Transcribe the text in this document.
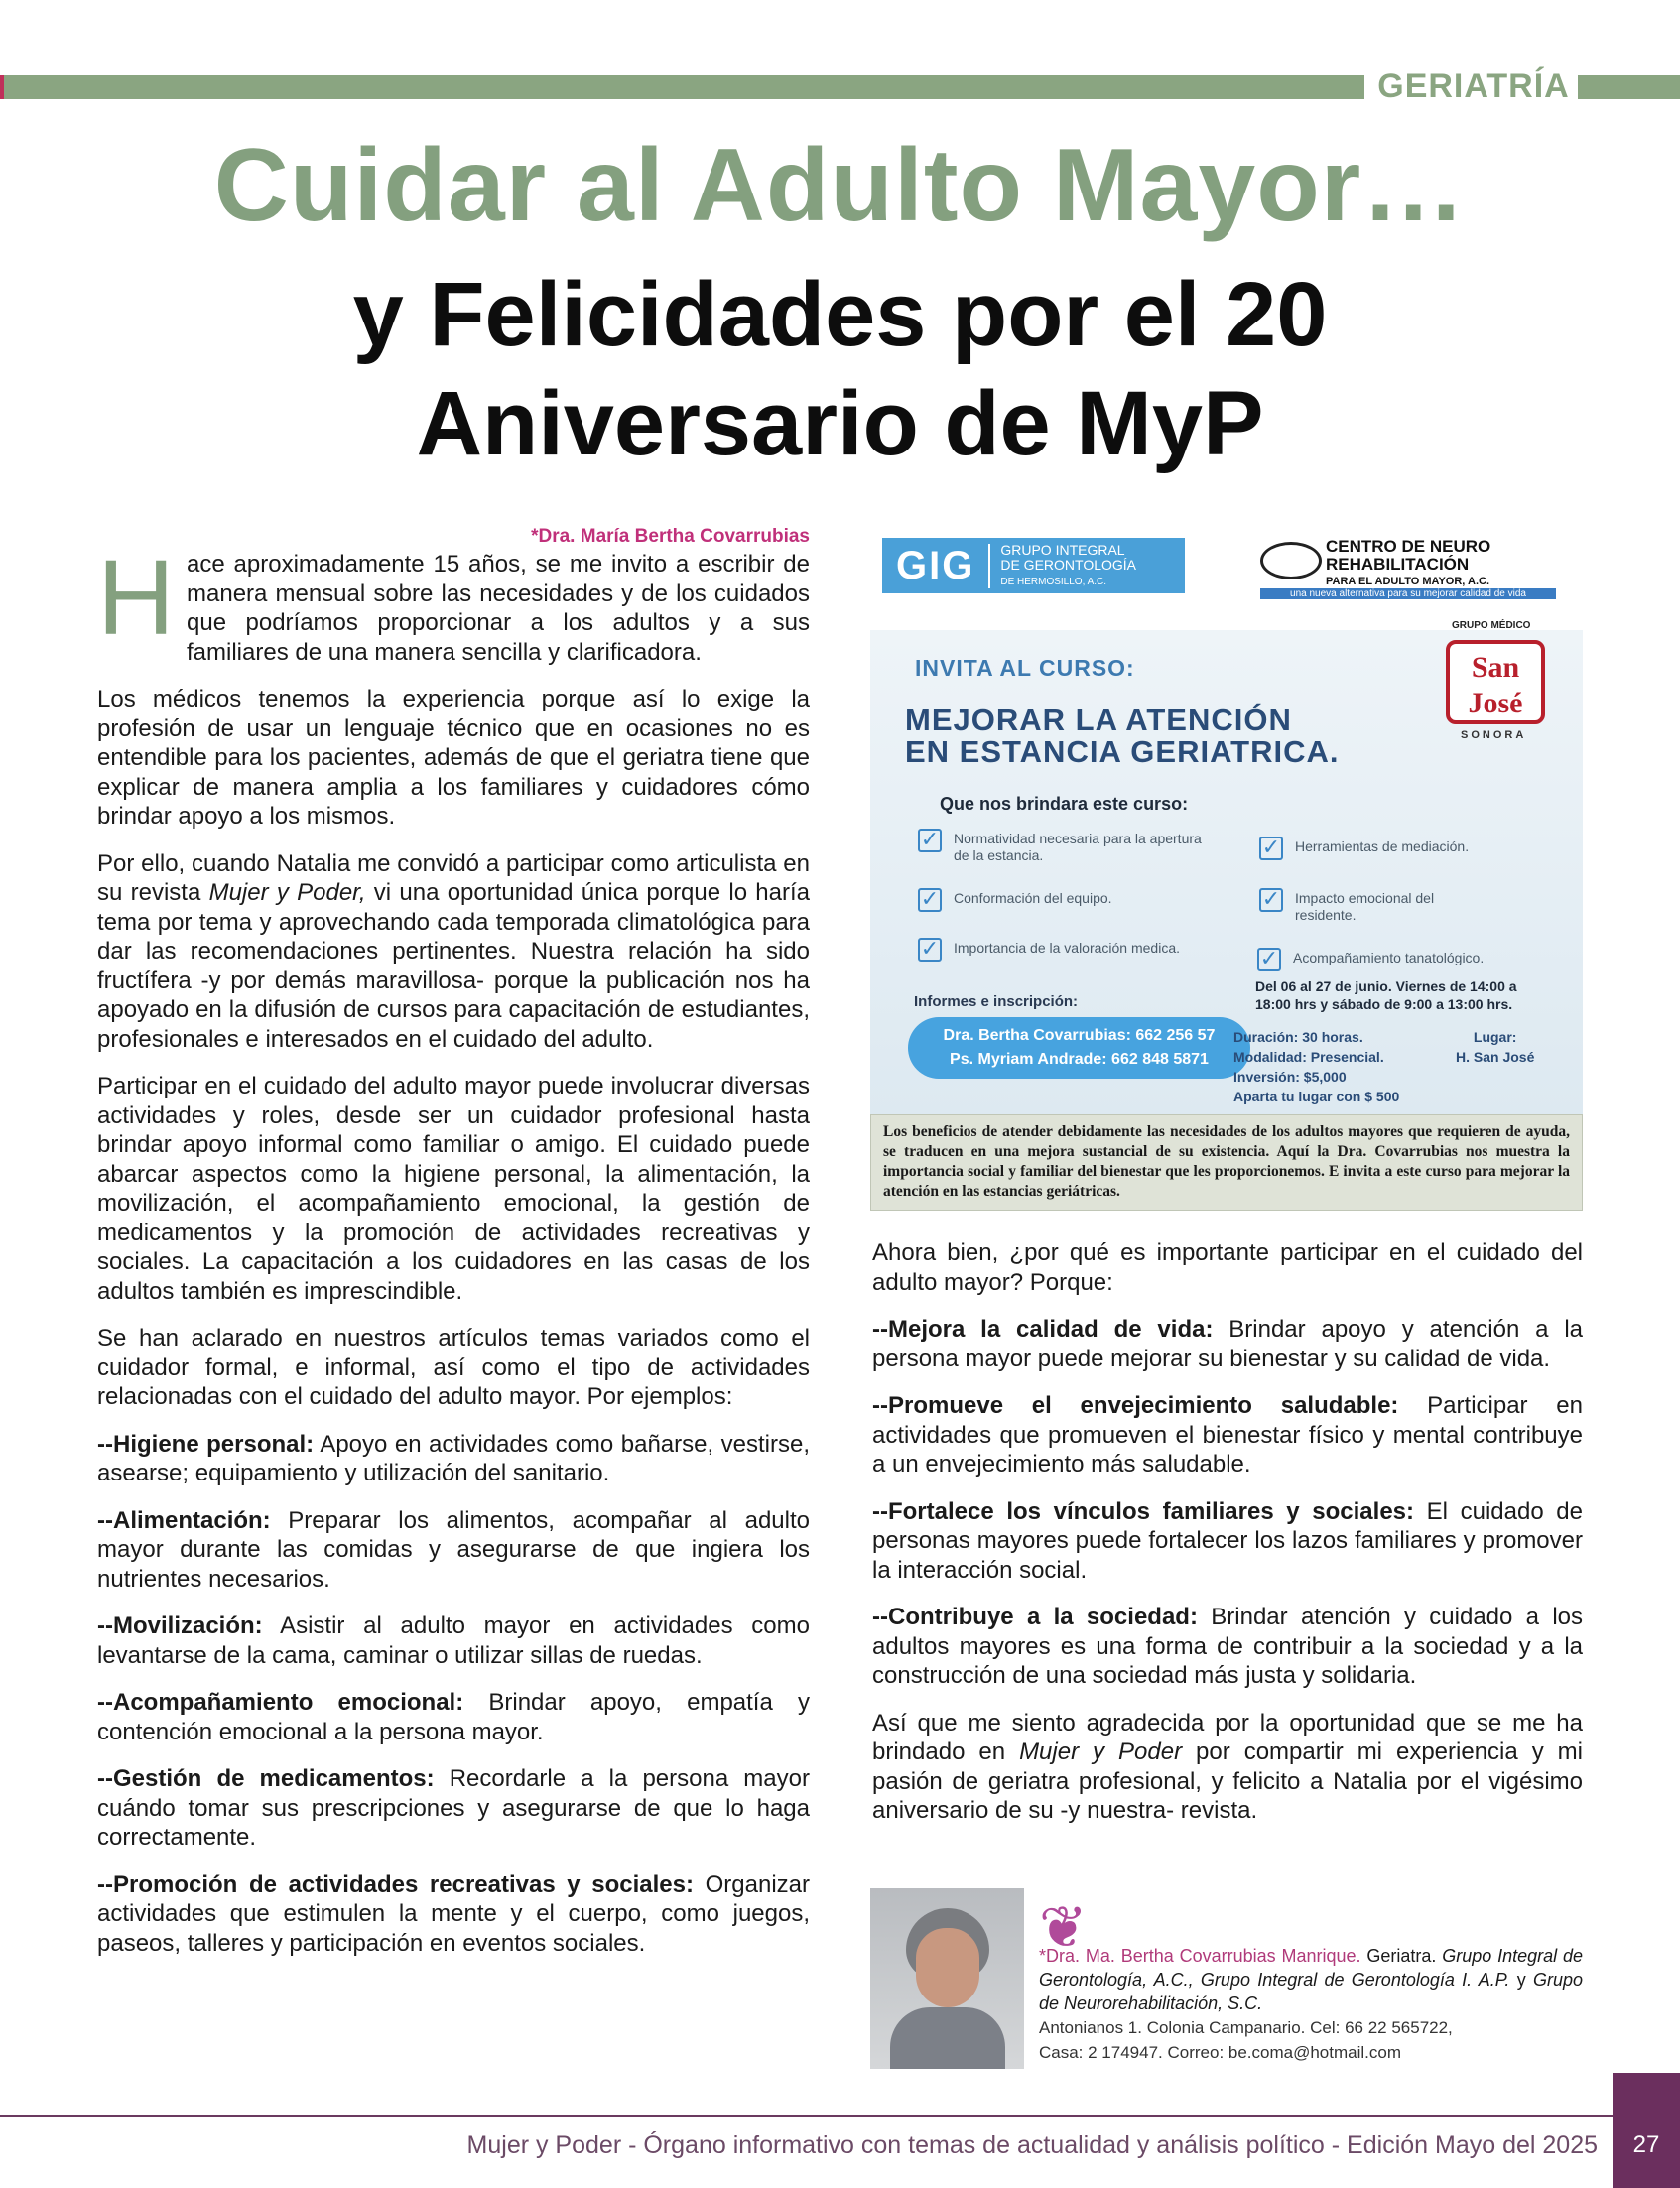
GERIATRÍA
Cuidar al Adulto Mayor…
y Felicidades por el 20
Aniversario de MyP
*Dra. María Bertha Covarrubias

Hace aproximadamente 15 años, se me invito a escribir de manera mensual sobre las necesidades y de los cuidados que podríamos proporcionar a los adultos y a sus familiares de una manera sencilla y clarificadora.

Los médicos tenemos la experiencia porque así lo exige la profesión de usar un lenguaje técnico que en ocasiones no es entendible para los pacientes, además de que el geriatra tiene que explicar de manera amplia a los familiares y cuidadores cómo brindar apoyo a los mismos.

Por ello, cuando Natalia me convidó a participar como articulista en su revista Mujer y Poder, vi una oportunidad única porque lo haría tema por tema y aprovechando cada temporada climatológica para dar las recomendaciones pertinentes. Nuestra relación ha sido fructífera -y por demás maravillosa- porque la publicación nos ha apoyado en la difusión de cursos para capacitación de estudiantes, profesionales e interesados en el cuidado del adulto.

Participar en el cuidado del adulto mayor puede involucrar diversas actividades y roles, desde ser un cuidador profesional hasta brindar apoyo informal como familiar o amigo. El cuidado puede abarcar aspectos como la higiene personal, la alimentación, la movilización, el acompañamiento emocional, la gestión de medicamentos y la promoción de actividades recreativas y sociales. La capacitación a los cuidadores en las casas de los adultos también es imprescindible.

Se han aclarado en nuestros artículos temas variados como el cuidador formal, e informal, así como el tipo de actividades relacionadas con el cuidado del adulto mayor. Por ejemplos:

--Higiene personal: Apoyo en actividades como bañarse, vestirse, asearse; equipamiento y utilización del sanitario.

--Alimentación: Preparar los alimentos, acompañar al adulto mayor durante las comidas y asegurarse de que ingiera los nutrientes necesarios.

--Movilización: Asistir al adulto mayor en actividades como levantarse de la cama, caminar o utilizar sillas de ruedas.

--Acompañamiento emocional: Brindar apoyo, empatía y contención emocional a la persona mayor.

--Gestión de medicamentos: Recordarle a la persona mayor cuándo tomar sus prescripciones y asegurarse de que lo haga correctamente.

--Promoción de actividades recreativas y sociales: Organizar actividades que estimulen la mente y el cuerpo, como juegos, paseos, talleres y participación en eventos sociales.

GIG	GRUPO INTEGRAL
DE GERONTOLOGÍA
DE HERMOSILLO, A.C.
CENTRO DE NEURO
REHABILITACIÓN
PARA EL ADULTO MAYOR, A.C.
una nueva alternativa para su mejorar calidad de vida
GRUPO MÉDICO
San
José
SONORA
INVITA AL CURSO:
MEJORAR LA ATENCIÓN
EN ESTANCIA GERIATRICA.
Que nos brindara este curso:
✓ Normatividad necesaria para la apertura de la estancia.
✓ Conformación del equipo.
✓ Importancia de la valoración medica.
✓ Herramientas de mediación.
✓ Impacto emocional del residente.
✓ Acompañamiento tanatológico.
Informes e inscripción:
Dra. Bertha Covarrubias: 662 256 57
Ps. Myriam Andrade: 662 848 5871
Del 06 al 27 de junio. Viernes de 14:00 a
18:00 hrs y sábado de 9:00 a 13:00 hrs.
Duración: 30 horas.
Modalidad: Presencial.
Inversión: $5,000
Aparta tu lugar con $ 500
Lugar:
H. San José
Los beneficios de atender debidamente las necesidades de los adultos mayores que requieren de ayuda, se traducen en una mejora sustancial de su existencia. Aquí la Dra. Covarrubias nos muestra la importancia social y familiar del bienestar que les proporcionemos. E invita a este curso para mejorar la atención en las estancias geriátricas.

Ahora bien, ¿por qué es importante participar en el cuidado del adulto mayor? Porque:

--Mejora la calidad de vida: Brindar apoyo y atención a la persona mayor puede mejorar su bienestar y su calidad de vida.

--Promueve el envejecimiento saludable: Participar en actividades que promueven el bienestar físico y mental contribuye a un envejecimiento más saludable.

--Fortalece los vínculos familiares y sociales: El cuidado de personas mayores puede fortalecer los lazos familiares y promover la interacción social.

--Contribuye a la sociedad: Brindar atención y cuidado a los adultos mayores es una forma de contribuir a la sociedad y a la construcción de una sociedad más justa y solidaria.

Así que me siento agradecida por la oportunidad que se me ha brindado en Mujer y Poder por compartir mi experiencia y mi pasión de geriatra profesional, y felicito a Natalia por el vigésimo aniversario de su -y nuestra- revista.

❦
*Dra. Ma. Bertha Covarrubias Manrique. Geriatra. Grupo Integral de Gerontología, A.C., Grupo Integral de Gerontología I. A.P. y Grupo de Neurorehabilitación, S.C.
Antonianos 1. Colonia Campanario. Cel: 66 22 565722,
Casa: 2 174947. Correo: be.coma@hotmail.com
Mujer y Poder - Órgano informativo con temas de actualidad y análisis político - Edición Mayo del 2025	27
